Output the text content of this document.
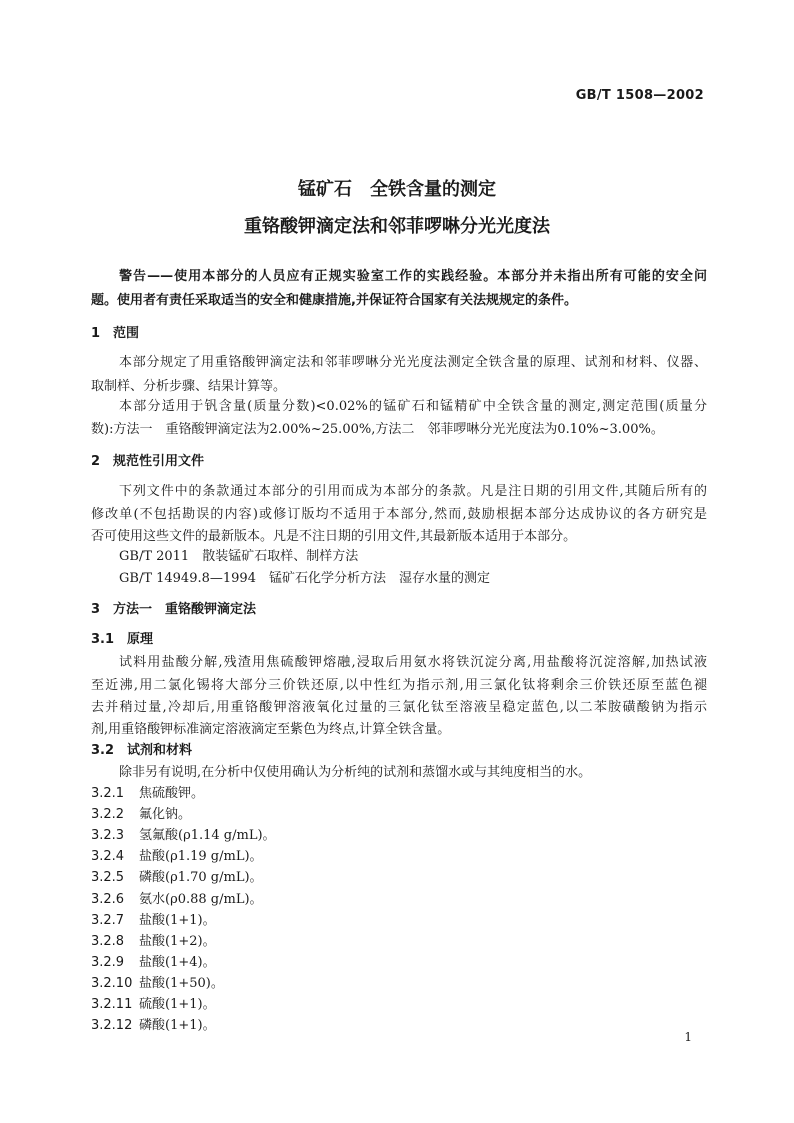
GB/T 1508—2002
锰矿石　全铁含量的测定
重铬酸钾滴定法和邻菲啰啉分光光度法
警告——使用本部分的人员应有正规实验室工作的实践经验。本部分并未指出所有可能的安全问
题。使用者有责任采取适当的安全和健康措施,并保证符合国家有关法规规定的条件。
1　范围
本部分规定了用重铬酸钾滴定法和邻菲啰啉分光光度法测定全铁含量的原理、试剂和材料、仪器、
取制样、分析步骤、结果计算等。
本部分适用于钒含量(质量分数)<0.02%的锰矿石和锰精矿中全铁含量的测定,测定范围(质量分
数):方法一　重铬酸钾滴定法为2.00%~25.00%,方法二　邻菲啰啉分光光度法为0.10%~3.00%。
2　规范性引用文件
下列文件中的条款通过本部分的引用而成为本部分的条款。凡是注日期的引用文件,其随后所有的
修改单(不包括勘误的内容)或修订版均不适用于本部分,然而,鼓励根据本部分达成协议的各方研究是
否可使用这些文件的最新版本。凡是不注日期的引用文件,其最新版本适用于本部分。
GB/T 2011　散装锰矿石取样、制样方法
GB/T 14949.8—1994　锰矿石化学分析方法　湿存水量的测定
3　方法一　重铬酸钾滴定法
3.1　原理
试料用盐酸分解,残渣用焦硫酸钾熔融,浸取后用氨水将铁沉淀分离,用盐酸将沉淀溶解,加热试液
至近沸,用二氯化锡将大部分三价铁还原,以中性红为指示剂,用三氯化钛将剩余三价铁还原至蓝色褪
去并稍过量,冷却后,用重铬酸钾溶液氧化过量的三氯化钛至溶液呈稳定蓝色,以二苯胺磺酸钠为指示
剂,用重铬酸钾标准滴定溶液滴定至紫色为终点,计算全铁含量。
3.2　试剂和材料
除非另有说明,在分析中仅使用确认为分析纯的试剂和蒸馏水或与其纯度相当的水。
3.2.1 焦硫酸钾。
3.2.2 氟化钠。
3.2.3 氢氟酸(ρ1.14 g/mL)。
3.2.4 盐酸(ρ1.19 g/mL)。
3.2.5 磷酸(ρ1.70 g/mL)。
3.2.6 氨水(ρ0.88 g/mL)。
3.2.7 盐酸(1+1)。
3.2.8 盐酸(1+2)。
3.2.9 盐酸(1+4)。
3.2.10 盐酸(1+50)。
3.2.11 硫酸(1+1)。
3.2.12 磷酸(1+1)。
1
